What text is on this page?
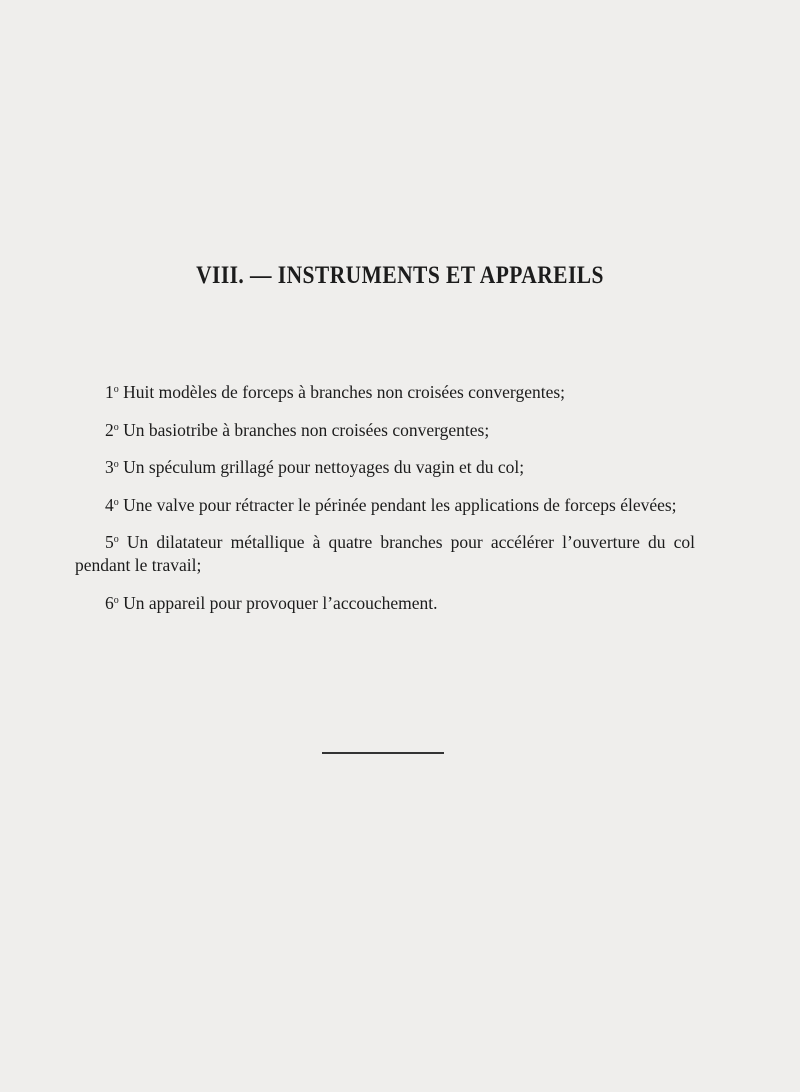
VIII. — INSTRUMENTS ET APPAREILS

1$^o$ Huit modèles de forceps à branches non croisées convergentes;

2$^o$ Un basiotribe à branches non croisées convergentes;

3$^o$ Un spéculum grillagé pour nettoyages du vagin et du col;

4$^o$ Une valve pour rétracter le périnée pendant les applications de forceps élevées;

5$^o$ Un dilatateur métallique à quatre branches pour accélérer l’ouverture du col pendant le travail;

6$^o$ Un appareil pour provoquer l’accouchement.
